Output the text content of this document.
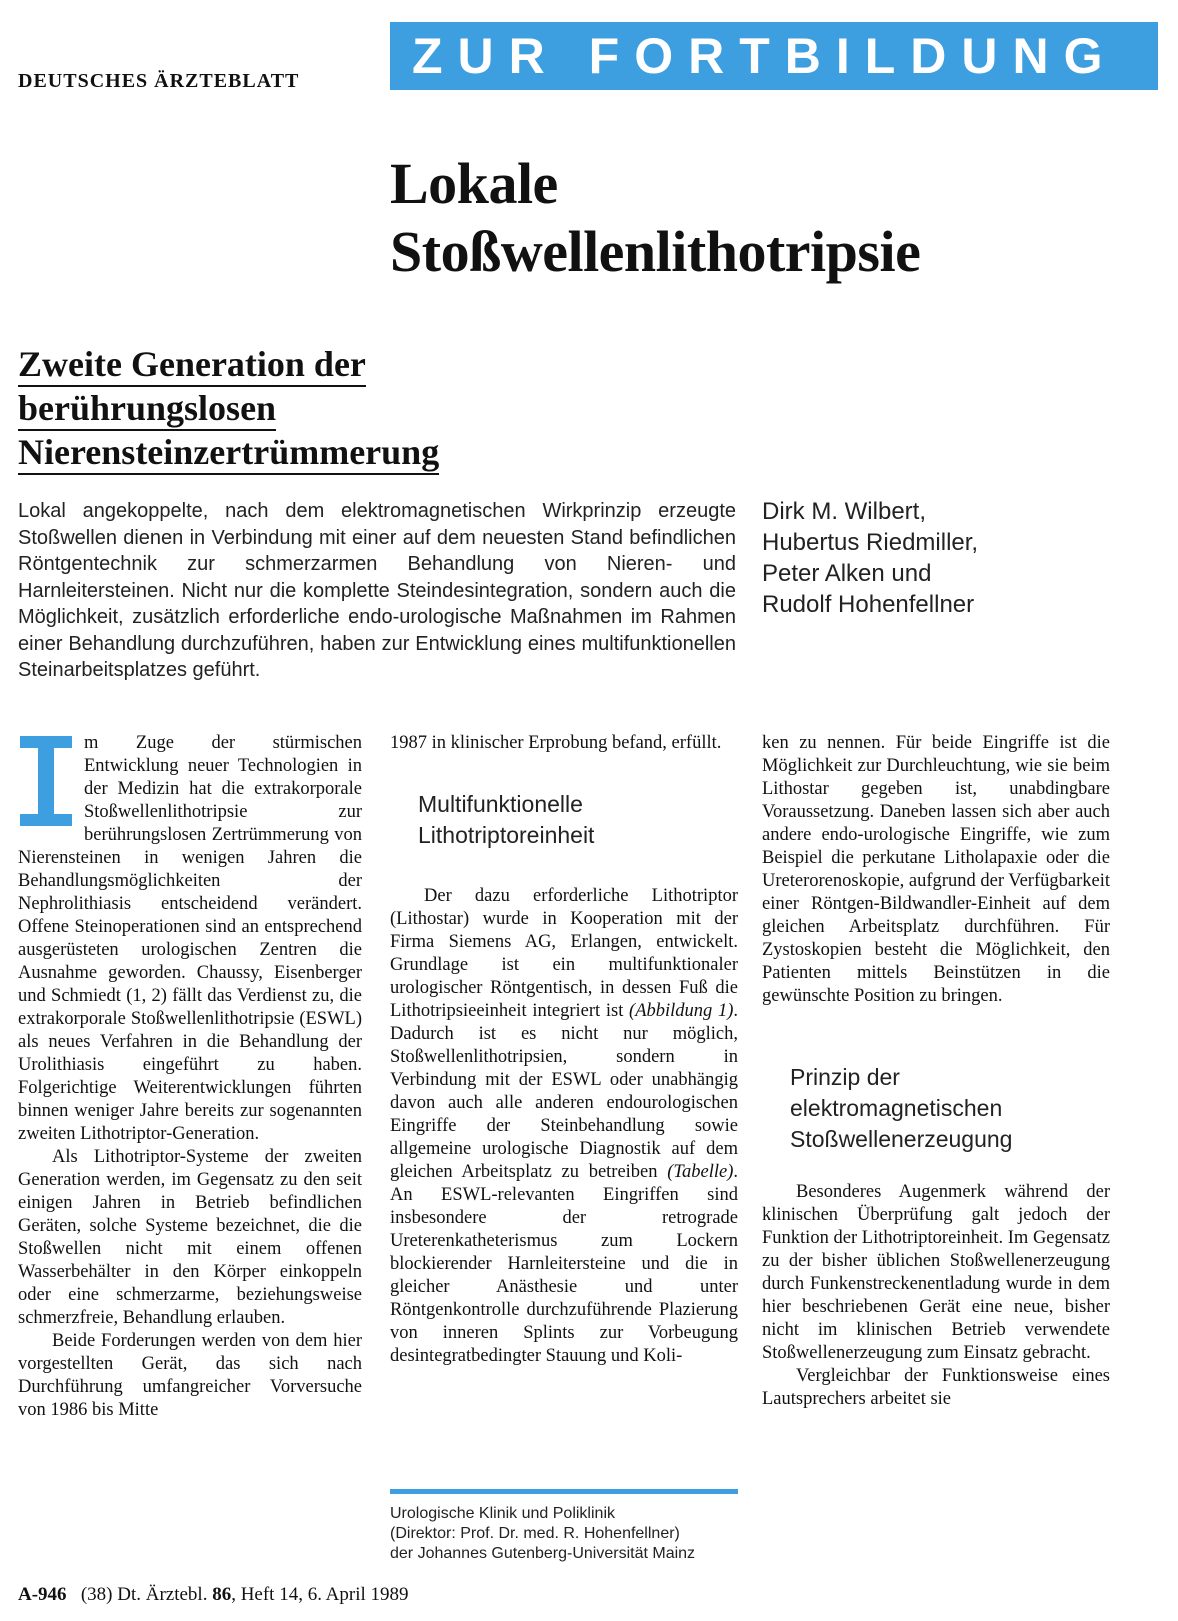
DEUTSCHES ÄRZTEBLATT	ZUR FORTBILDUNG
Lokale
Stoßwellenlithotripsie
Zweite Generation der
berührungslosen
Nierensteinzertrümmerung
Lokal angekoppelte, nach dem elektromagnetischen Wirkprinzip erzeugte Stoßwellen dienen in Verbindung mit einer auf dem neuesten Stand befindlichen Röntgentechnik zur schmerzarmen Behandlung von Nieren- und Harnleitersteinen. Nicht nur die komplette Steindesintegration, sondern auch die Möglichkeit, zusätzlich erforderliche endo-urologische Maßnahmen im Rahmen einer Behandlung durchzuführen, haben zur Entwicklung eines multifunktionellen Steinarbeitsplatzes geführt.
Dirk M. Wilbert,
Hubertus Riedmiller,
Peter Alken und
Rudolf Hohenfellner

m Zuge der stürmischen Entwicklung neuer Technologien in der Medizin hat die extrakorporale Stoßwellenlithotripsie zur berührungslosen Zertrümmerung von Nierensteinen in wenigen Jahren die Behandlungsmöglichkeiten der Nephrolithiasis entscheidend verändert. Offene Steinoperationen sind an entsprechend ausgerüsteten urologischen Zentren die Ausnahme geworden. Chaussy, Eisenberger und Schmiedt (1, 2) fällt das Verdienst zu, die extrakorporale Stoßwellenlithotripsie (ESWL) als neues Verfahren in die Behandlung der Urolithiasis eingeführt zu haben. Folgerichtige Weiterentwicklungen führten binnen weniger Jahre bereits zur sogenannten zweiten Lithotriptor-Generation.

Als Lithotriptor-Systeme der zweiten Generation werden, im Gegensatz zu den seit einigen Jahren in Betrieb befindlichen Geräten, solche Systeme bezeichnet, die die Stoßwellen nicht mit einem offenen Wasserbehälter in den Körper einkoppeln oder eine schmerzarme, beziehungsweise schmerzfreie, Behandlung erlauben.

Beide Forderungen werden von dem hier vorgestellten Gerät, das sich nach Durchführung umfangreicher Vorversuche von 1986 bis Mitte

1987 in klinischer Erprobung befand, erfüllt.

Multifunktionelle
Lithotriptoreinheit

Der dazu erforderliche Lithotriptor (Lithostar) wurde in Kooperation mit der Firma Siemens AG, Erlangen, entwickelt. Grundlage ist ein multifunktionaler urologischer Röntgentisch, in dessen Fuß die Lithotripsieeinheit integriert ist (Abbildung 1). Dadurch ist es nicht nur möglich, Stoßwellenlithotripsien, sondern in Verbindung mit der ESWL oder unabhängig davon auch alle anderen endourologischen Eingriffe der Steinbehandlung sowie allgemeine urologische Diagnostik auf dem gleichen Arbeitsplatz zu betreiben (Tabelle). An ESWL-relevanten Eingriffen sind insbesondere der retrograde Ureterenkatheterismus zum Lockern blockierender Harnleitersteine und die in gleicher Anästhesie und unter Röntgenkontrolle durchzuführende Plazierung von inneren Splints zur Vorbeugung desintegratbedingter Stauung und Koli-

Urologische Klinik und Poliklinik
(Direktor: Prof. Dr. med. R. Hohenfellner)
der Johannes Gutenberg-Universität Mainz

ken zu nennen. Für beide Eingriffe ist die Möglichkeit zur Durchleuchtung, wie sie beim Lithostar gegeben ist, unabdingbare Voraussetzung. Daneben lassen sich aber auch andere endo-urologische Eingriffe, wie zum Beispiel die perkutane Litholapaxie oder die Ureterorenoskopie, aufgrund der Verfügbarkeit einer Röntgen-Bildwandler-Einheit auf dem gleichen Arbeitsplatz durchführen. Für Zystoskopien besteht die Möglichkeit, den Patienten mittels Beinstützen in die gewünschte Position zu bringen.

Prinzip der
elektromagnetischen
Stoßwellenerzeugung

Besonderes Augenmerk während der klinischen Überprüfung galt jedoch der Funktion der Lithotriptoreinheit. Im Gegensatz zu der bisher üblichen Stoßwellenerzeugung durch Funkenstreckenentladung wurde in dem hier beschriebenen Gerät eine neue, bisher nicht im klinischen Betrieb verwendete Stoßwellenerzeugung zum Einsatz gebracht.

Vergleichbar der Funktionsweise eines Lautsprechers arbeitet sie

A-946 (38) Dt. Ärztebl. 86, Heft 14, 6. April 1989
